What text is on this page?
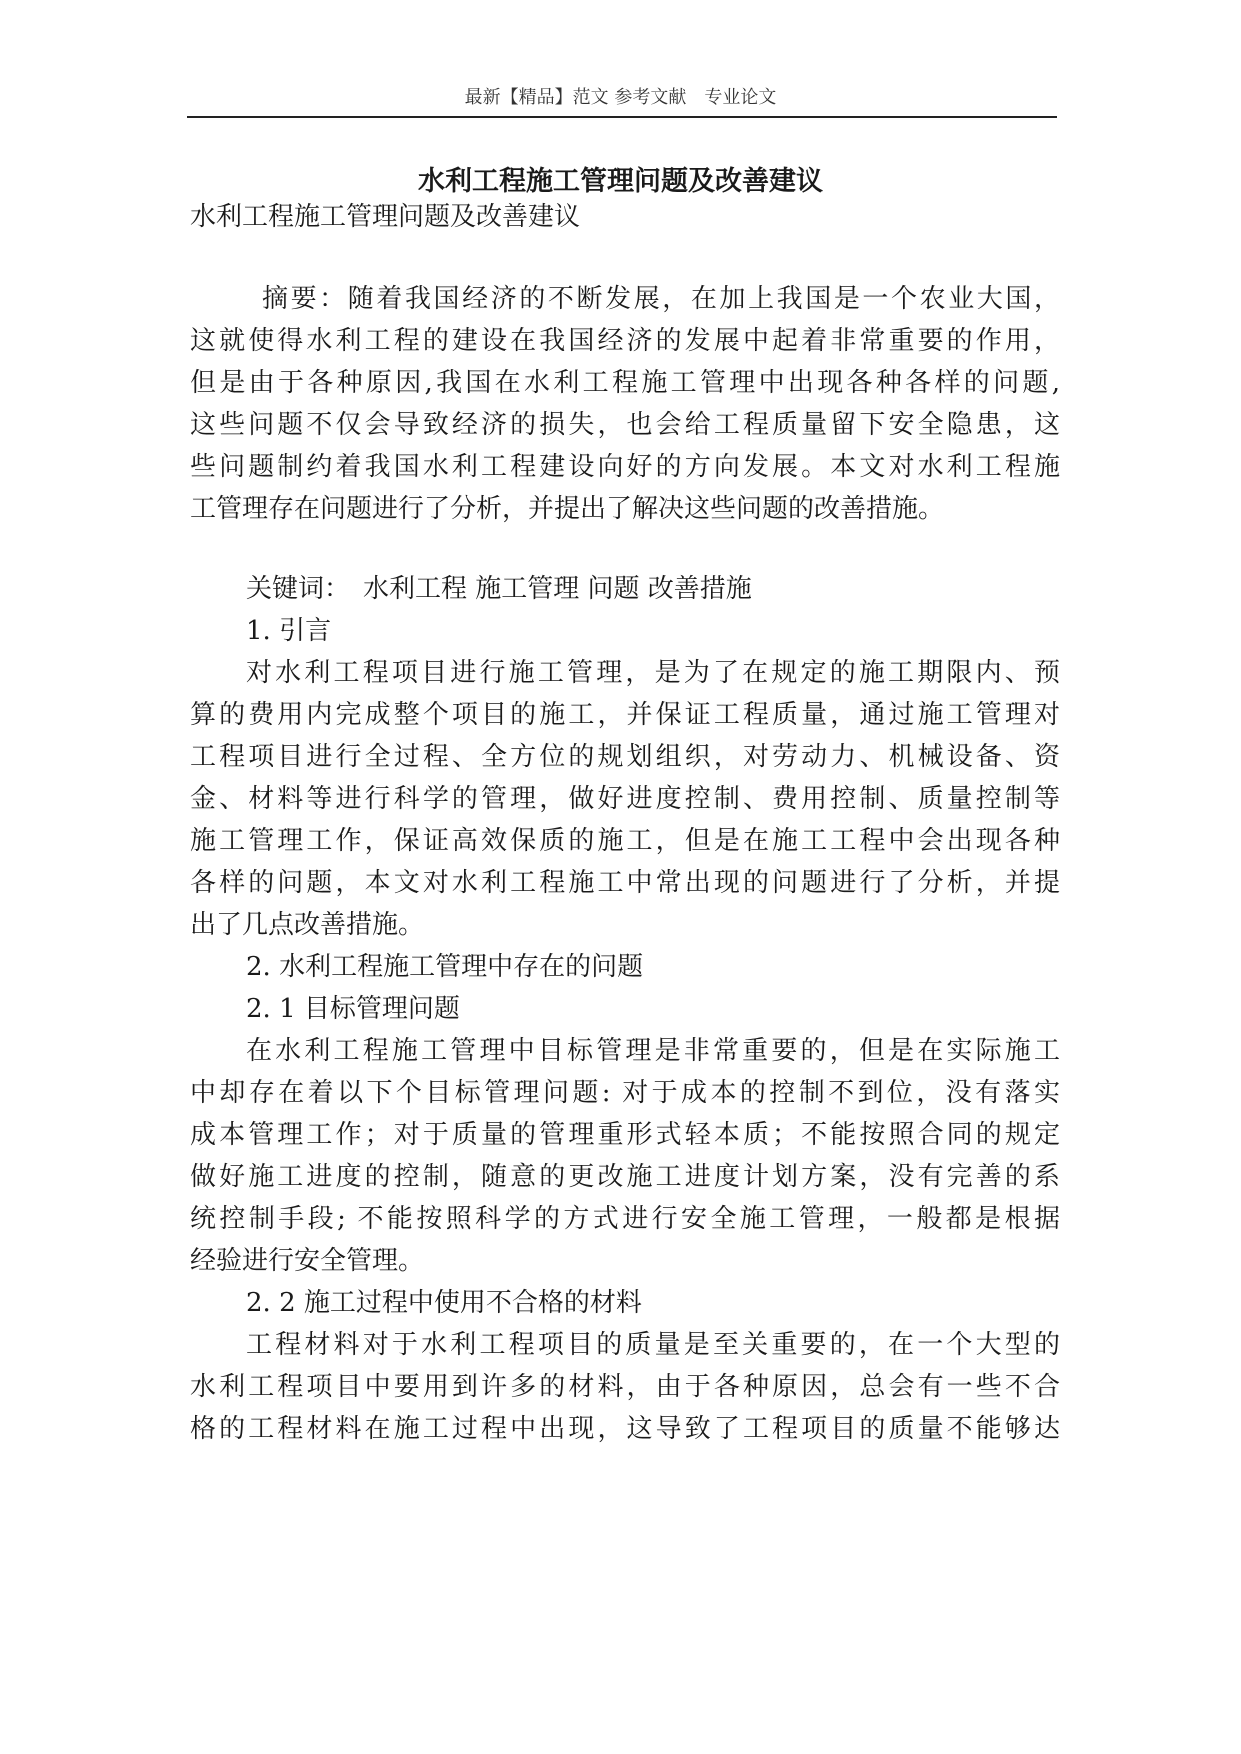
最新【精品】范文 参考文献　专业论文
水利工程施工管理问题及改善建议
水利工程施工管理问题及改善建议
摘要：随着我国经济的不断发展，在加上我国是一个农业大国，
这就使得水利工程的建设在我国经济的发展中起着非常重要的作用，
但是由于各种原因,我国在水利工程施工管理中出现各种各样的问题,
这些问题不仅会导致经济的损失，也会给工程质量留下安全隐患，这
些问题制约着我国水利工程建设向好的方向发展。本文对水利工程施
工管理存在问题进行了分析，并提出了解决这些问题的改善措施。
关键词：　水利工程 施工管理 问题 改善措施
1. 引言
对水利工程项目进行施工管理，是为了在规定的施工期限内、预
算的费用内完成整个项目的施工，并保证工程质量，通过施工管理对
工程项目进行全过程、全方位的规划组织，对劳动力、机械设备、资
金、材料等进行科学的管理，做好进度控制、费用控制、质量控制等
施工管理工作，保证高效保质的施工，但是在施工工程中会出现各种
各样的问题，本文对水利工程施工中常出现的问题进行了分析，并提
出了几点改善措施。
2. 水利工程施工管理中存在的问题
2. 1 目标管理问题
在水利工程施工管理中目标管理是非常重要的，但是在实际施工
中却存在着以下个目标管理问题: 对于成本的控制不到位，没有落实
成本管理工作；对于质量的管理重形式轻本质；不能按照合同的规定
做好施工进度的控制，随意的更改施工进度计划方案，没有完善的系
统控制手段; 不能按照科学的方式进行安全施工管理，一般都是根据
经验进行安全管理。
2. 2 施工过程中使用不合格的材料
工程材料对于水利工程项目的质量是至关重要的，在一个大型的
水利工程项目中要用到许多的材料，由于各种原因，总会有一些不合
格的工程材料在施工过程中出现，这导致了工程项目的质量不能够达
